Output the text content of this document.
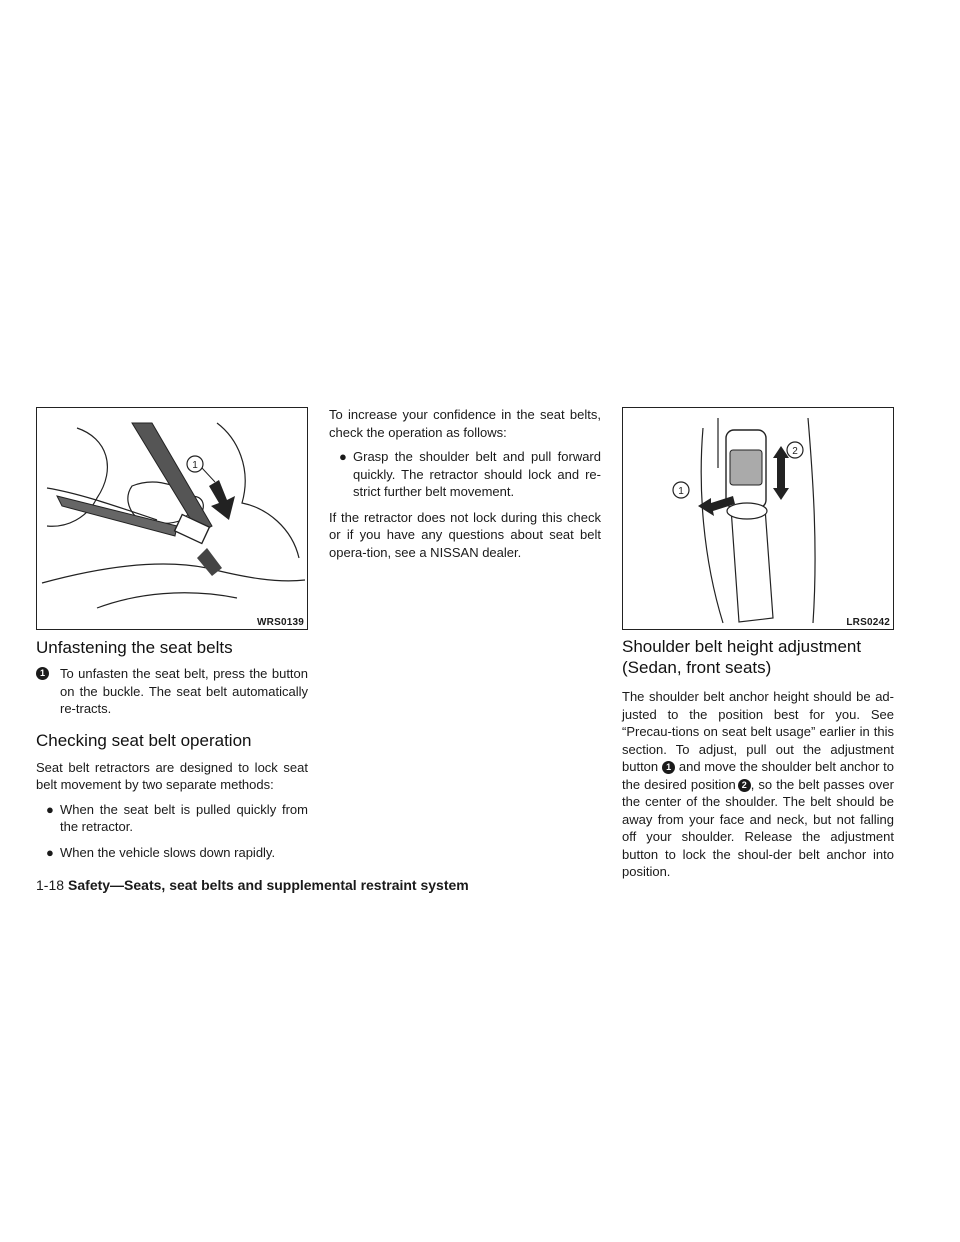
1
WRS0139
1
2
LRS0242
Unfastening the seat belts
1	To unfasten the seat belt, press the button on the buckle. The seat belt automatically re-tracts.
Checking seat belt operation

Seat belt retractors are designed to lock seat belt movement by two separate methods:

● When the seat belt is pulled quickly from the retractor.
● When the vehicle slows down rapidly.

To increase your confidence in the seat belts, check the operation as follows:

● Grasp the shoulder belt and pull forward quickly. The retractor should lock and re-strict further belt movement.

If the retractor does not lock during this check or if you have any questions about seat belt opera-tion, see a NISSAN dealer.

Shoulder belt height adjustment
(Sedan, front seats)

The shoulder belt anchor height should be ad-justed to the position best for you. See “Precau-tions on seat belt usage” earlier in this section. To adjust, pull out the adjustment button 1 and move the shoulder belt anchor to the desired position 2 , so the belt passes over the center of the shoulder. The belt should be away from your face and neck, but not falling off your shoulder. Release the adjustment button to lock the shoul-der belt anchor into position.

1-18 Safety—Seats, seat belts and supplemental restraint system
